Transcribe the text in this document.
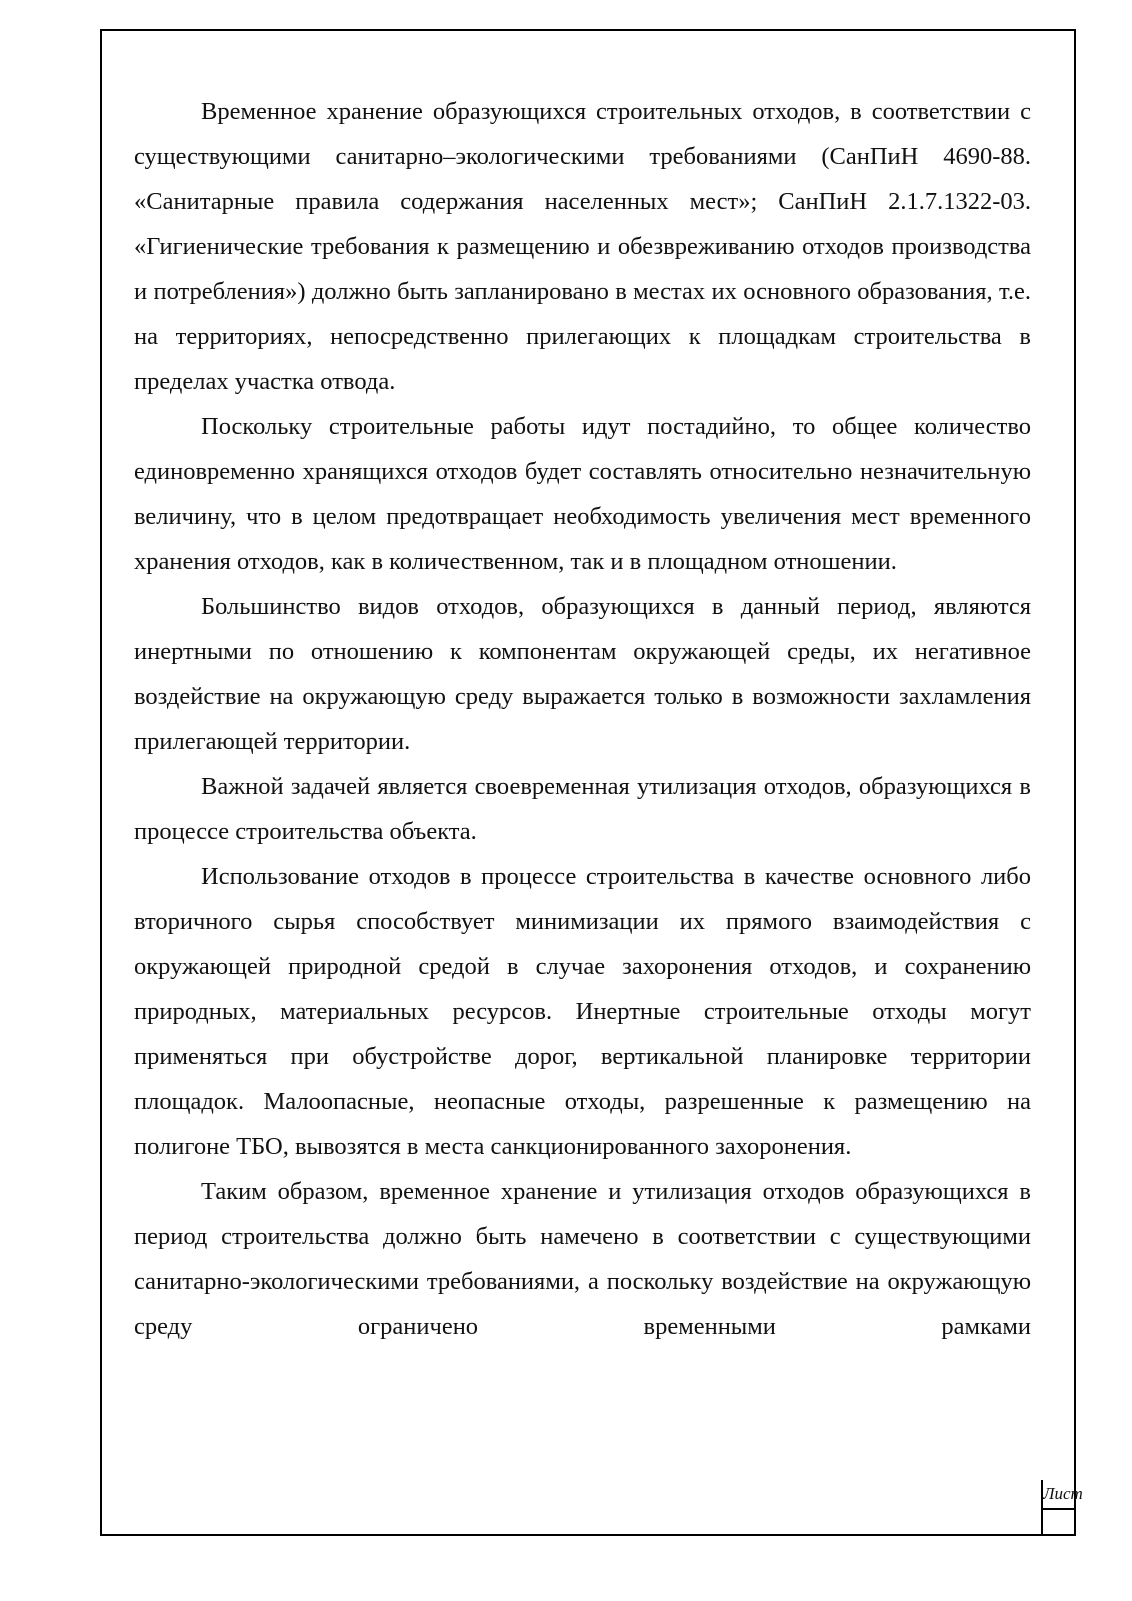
Временное хранение образующихся строительных отходов, в соответствии с существующими санитарно–экологическими требованиями (СанПиН 4690-88. «Санитарные правила содержания населенных мест»; СанПиН 2.1.7.1322-03. «Гигиенические требования к размещению и обезвреживанию отходов производства и потребления») должно быть запланировано в местах их основного образования, т.е. на территориях, непосредственно прилегающих к площадкам строительства в пределах участка отвода.

Поскольку строительные работы идут постадийно, то общее количество единовременно хранящихся отходов будет составлять относительно незначительную величину, что в целом предотвращает необходимость увеличения мест временного хранения отходов, как в количественном, так и в площадном отношении.

Большинство видов отходов, образующихся в данный период, являются инертными по отношению к компонентам окружающей среды, их негативное воздействие на окружающую среду выражается только в возможности захламления прилегающей территории.

Важной задачей является своевременная утилизация отходов, образующихся в процессе строительства объекта.

Использование отходов в процессе строительства в качестве основного либо вторичного сырья способствует минимизации их прямого взаимодействия с окружающей природной средой в случае захоронения отходов, и сохранению природных, материальных ресурсов. Инертные строительные отходы могут применяться при обустройстве дорог, вертикальной планировке территории площадок. Малоопасные, неопасные отходы, разрешенные к размещению на полигоне ТБО, вывозятся в места санкционированного захоронения.

Таким образом, временное хранение и утилизация отходов образующихся в период строительства должно быть намечено в соответствии с существующими санитарно-экологическими требованиями, а поскольку воздействие на окружающую среду ограничено временными рамками

Лист
